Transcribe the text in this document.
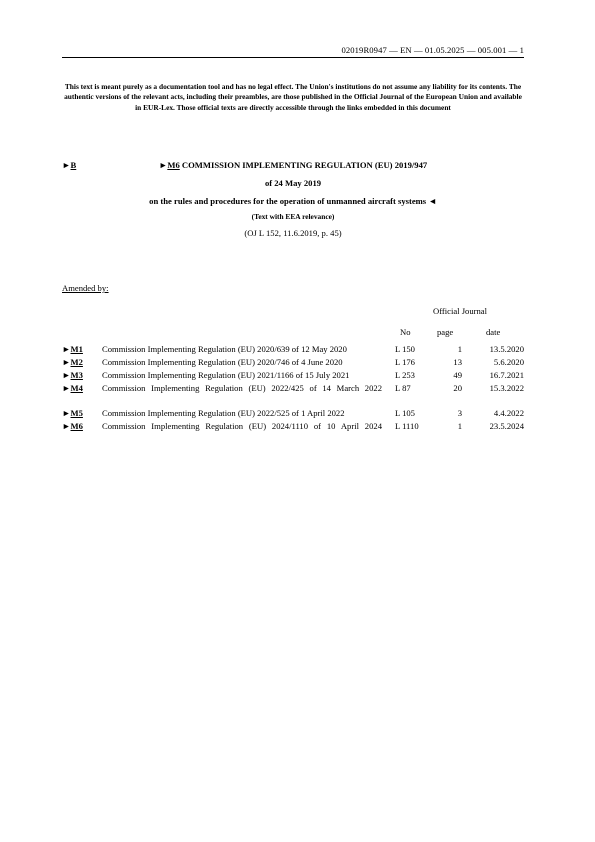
02019R0947 — EN — 01.05.2025 — 005.001 — 1
This text is meant purely as a documentation tool and has no legal effect. The Union's institutions do not assume any liability for its contents. The authentic versions of the relevant acts, including their preambles, are those published in the Official Journal of the European Union and available in EUR-Lex. Those official texts are directly accessible through the links embedded in this document
►B	►M6 COMMISSION IMPLEMENTING REGULATION (EU) 2019/947
of 24 May 2019
on the rules and procedures for the operation of unmanned aircraft systems ◄
(Text with EEA relevance)
(OJ L 152, 11.6.2019, p. 45)
Amended by:
Official Journal
No	page	date
►M1 Commission Implementing Regulation (EU) 2020/639 of 12 May 2020	L 150	1	13.5.2020
►M2 Commission Implementing Regulation (EU) 2020/746 of 4 June 2020	L 176	13	5.6.2020
►M3 Commission Implementing Regulation (EU) 2021/1166 of 15 July 2021	L 253	49	16.7.2021
►M4 Commission Implementing Regulation (EU) 2022/425 of 14 March 2022 L 87	20	15.3.2022
►M5 Commission Implementing Regulation (EU) 2022/525 of 1 April 2022	L 105	3	4.4.2022
►M6 Commission Implementing Regulation (EU) 2024/1110 of 10 April 2024 L 1110	1	23.5.2024
